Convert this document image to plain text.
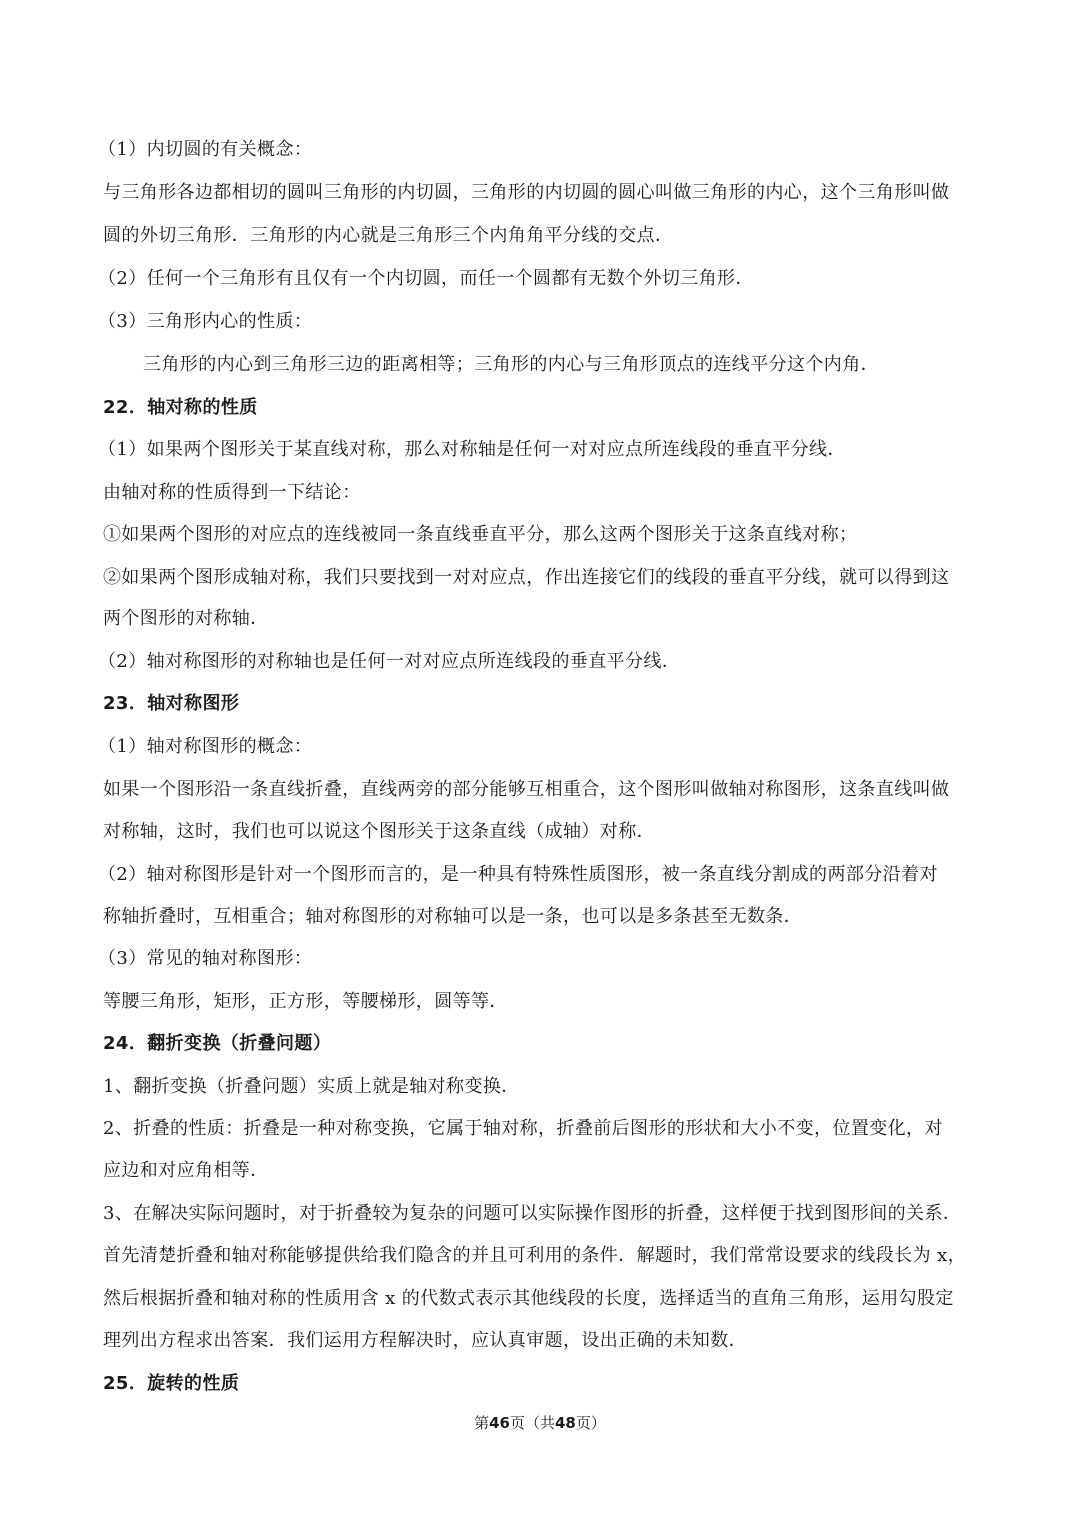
（1）内切圆的有关概念：
与三角形各边都相切的圆叫三角形的内切圆，三角形的内切圆的圆心叫做三角形的内心，这个三角形叫做
圆的外切三角形．三角形的内心就是三角形三个内角角平分线的交点．
（2）任何一个三角形有且仅有一个内切圆，而任一个圆都有无数个外切三角形．
（3）三角形内心的性质：
三角形的内心到三角形三边的距离相等；三角形的内心与三角形顶点的连线平分这个内角．
22．轴对称的性质
（1）如果两个图形关于某直线对称，那么对称轴是任何一对对应点所连线段的垂直平分线．
由轴对称的性质得到一下结论：
①如果两个图形的对应点的连线被同一条直线垂直平分，那么这两个图形关于这条直线对称；
②如果两个图形成轴对称，我们只要找到一对对应点，作出连接它们的线段的垂直平分线，就可以得到这
两个图形的对称轴．
（2）轴对称图形的对称轴也是任何一对对应点所连线段的垂直平分线．
23．轴对称图形
（1）轴对称图形的概念：
如果一个图形沿一条直线折叠，直线两旁的部分能够互相重合，这个图形叫做轴对称图形，这条直线叫做
对称轴，这时，我们也可以说这个图形关于这条直线（成轴）对称．
（2）轴对称图形是针对一个图形而言的，是一种具有特殊性质图形，被一条直线分割成的两部分沿着对
称轴折叠时，互相重合；轴对称图形的对称轴可以是一条，也可以是多条甚至无数条．
（3）常见的轴对称图形：
等腰三角形，矩形，正方形，等腰梯形，圆等等．
24．翻折变换（折叠问题）
1、翻折变换（折叠问题）实质上就是轴对称变换．
2、折叠的性质：折叠是一种对称变换，它属于轴对称，折叠前后图形的形状和大小不变，位置变化，对
应边和对应角相等．
3、在解决实际问题时，对于折叠较为复杂的问题可以实际操作图形的折叠，这样便于找到图形间的关系．
首先清楚折叠和轴对称能够提供给我们隐含的并且可利用的条件．解题时，我们常常设要求的线段长为 x，
然后根据折叠和轴对称的性质用含 x 的代数式表示其他线段的长度，选择适当的直角三角形，运用勾股定
理列出方程求出答案．我们运用方程解决时，应认真审题，设出正确的未知数．
25．旋转的性质
第46页（共48页）
